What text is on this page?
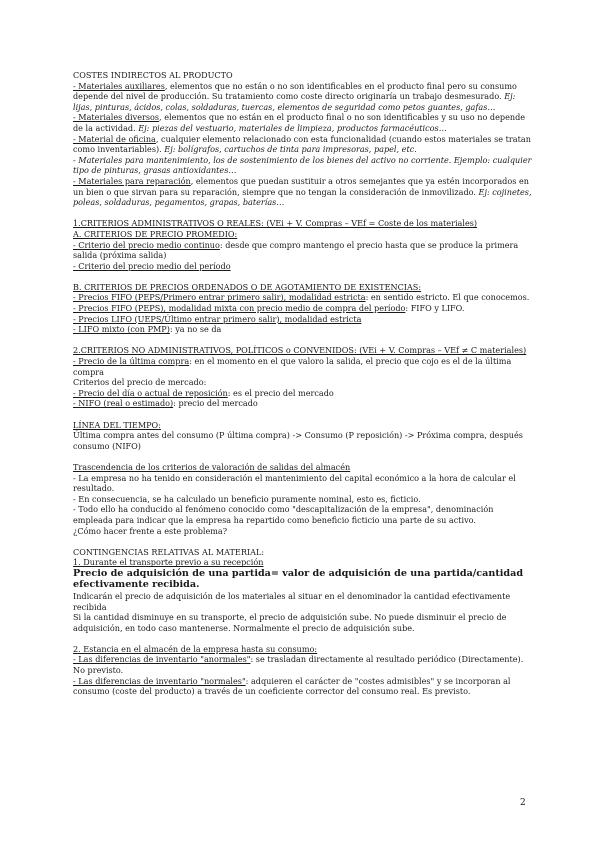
COSTES INDIRECTOS AL PRODUCTO

- Materiales auxiliares, elementos que no están o no son identificables en el producto final pero su consumo depende del nivel de producción. Su tratamiento como coste directo originaría un trabajo desmesurado. Ej: lijas, pinturas, ácidos, colas, soldaduras, tuercas, elementos de seguridad como petos guantes, gafas…

- Materiales diversos, elementos que no están en el producto final o no son identificables y su uso no depende de la actividad. Ej: piezas del vestuario, materiales de limpieza, productos farmacéuticos…

- Material de oficina, cualquier elemento relacionado con esta funcionalidad (cuando estos materiales se tratan como inventariables). Ej: bolígrafos, cartuchos de tinta para impresoras, papel, etc.

- Materiales para mantenimiento, los de sostenimiento de los bienes del activo no corriente. Ejemplo: cualquier tipo de pinturas, grasas antioxidantes…

- Materiales para reparación, elementos que puedan sustituir a otros semejantes que ya estén incorporados en un bien o que sirvan para su reparación, siempre que no tengan la consideración de inmovilizado. Ej: cojinetes, poleas, soldaduras, pegamentos, grapas, baterías…

1.CRITERIOS ADMINISTRATIVOS O REALES: (VEi + V. Compras – VEf = Coste de los materiales)

A. CRITERIOS DE PRECIO PROMEDIO:

- Criterio del precio medio continuo: desde que compro mantengo el precio hasta que se produce la primera salida (próxima salida)

- Criterio del precio medio del período

B. CRITERIOS DE PRECIOS ORDENADOS O DE AGOTAMIENTO DE EXISTENCIAS:

- Precios FIFO (PEPS/Primero entrar primero salir), modalidad estricta: en sentido estricto. El que conocemos.

- Precios FIFO (PEPS), modalidad mixta con precio medio de compra del período: FIFO y LIFO.

- Precios LIFO (UEPS/Último entrar primero salir), modalidad estricta

- LIFO mixto (con PMP): ya no se da

2.CRITERIOS NO ADMINISTRATIVOS, POLÍTICOS o CONVENIDOS: (VEi + V. Compras – VEf ≠ C materiales)

- Precio de la última compra: en el momento en el que valoro la salida, el precio que cojo es el de la última compra

Criterios del precio de mercado:

- Precio del día o actual de reposición: es el precio del mercado

- NIFO (real o estimado): precio del mercado

LÍNEA DEL TIEMPO:

Última compra antes del consumo (P última compra) -> Consumo (P reposición) -> Próxima compra, después consumo (NIFO)

Trascendencia de los criterios de valoración de salidas del almacén

- La empresa no ha tenido en consideración el mantenimiento del capital económico a la hora de calcular el resultado.

- En consecuencia, se ha calculado un beneficio puramente nominal, esto es, ficticio.

- Todo ello ha conducido al fenómeno conocido como "descapitalización de la empresa", denominación empleada para indicar que la empresa ha repartido como beneficio ficticio una parte de su activo.

¿Cómo hacer frente a este problema?

CONTINGENCIAS RELATIVAS AL MATERIAL:

1. Durante el transporte previo a su recepción

Precio de adquisición de una partida= valor de adquisición de una partida/cantidad efectivamente recibida.

Indicarán el precio de adquisición de los materiales al situar en el denominador la cantidad efectivamente recibida

Si la cantidad disminuye en su transporte, el precio de adquisición sube. No puede disminuir el precio de adquisición, en todo caso mantenerse. Normalmente el precio de adquisición sube.

2. Estancia en el almacén de la empresa hasta su consumo:

- Las diferencias de inventario "anormales": se trasladan directamente al resultado periódico (Directamente). No previsto.

- Las diferencias de inventario "normales": adquieren el carácter de "costes admisibles" y se incorporan al consumo (coste del producto) a través de un coeficiente corrector del consumo real. Es previsto.

2
